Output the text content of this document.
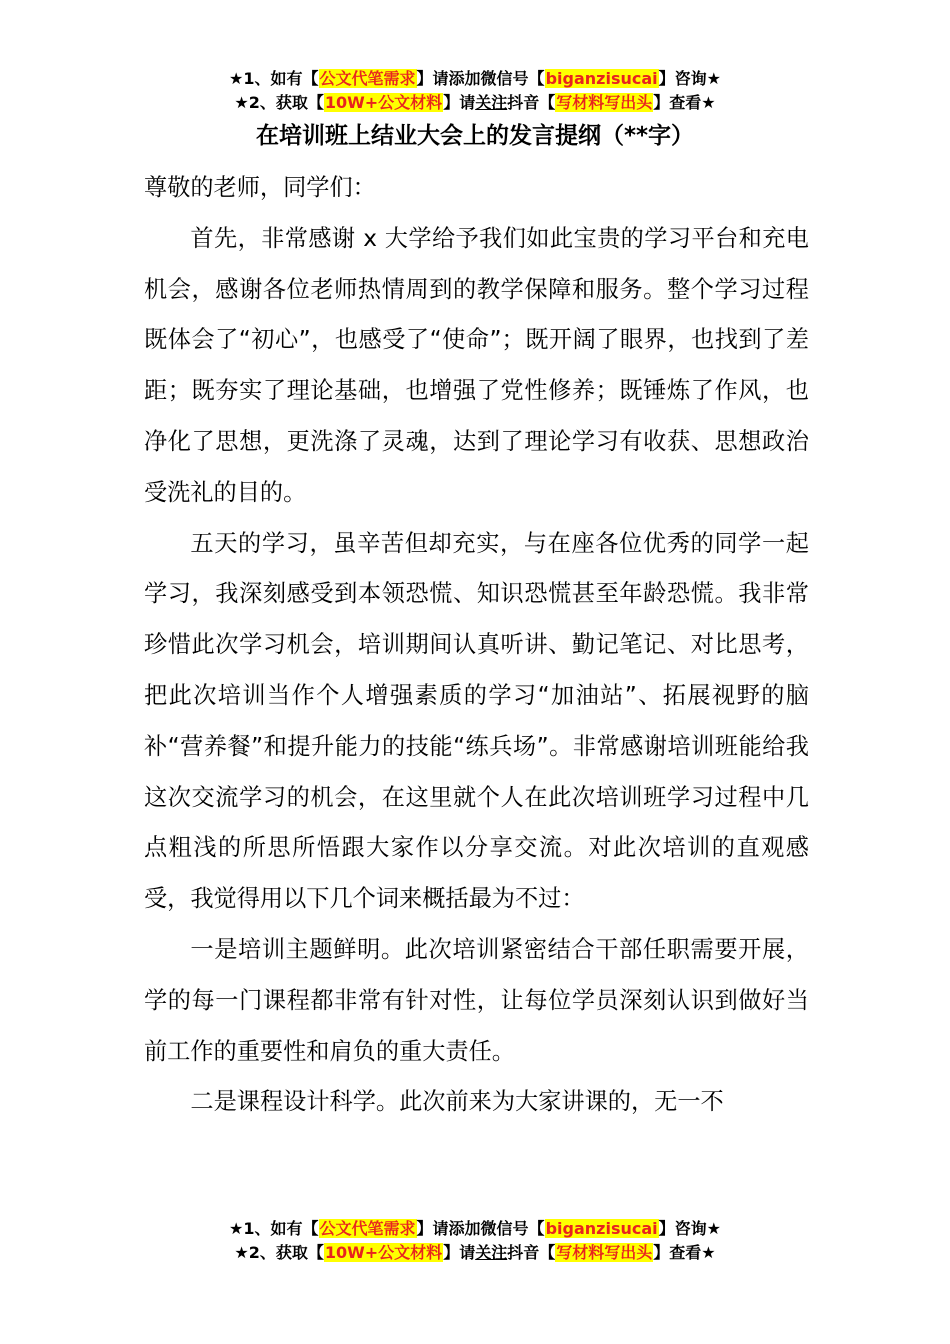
★1、如有【公文代笔需求】请添加微信号【biganzisucai】咨询★
★2、获取【10W+公文材料】请关注抖音【写材料写出头】查看★
在培训班上结业大会上的发言提纲（**字）

尊敬的老师，同学们：

首先，非常感谢 x 大学给予我们如此宝贵的学习平台和充电机会，感谢各位老师热情周到的教学保障和服务。整个学习过程既体会了“初心”，也感受了“使命”；既开阔了眼界，也找到了差距；既夯实了理论基础，也增强了党性修养；既锤炼了作风，也净化了思想，更洗涤了灵魂，达到了理论学习有收获、思想政治受洗礼的目的。

五天的学习，虽辛苦但却充实，与在座各位优秀的同学一起学习，我深刻感受到本领恐慌、知识恐慌甚至年龄恐慌。我非常珍惜此次学习机会，培训期间认真听讲、勤记笔记、对比思考，把此次培训当作个人增强素质的学习“加油站”、拓展视野的脑补“营养餐”和提升能力的技能“练兵场”。非常感谢培训班能给我这次交流学习的机会，在这里就个人在此次培训班学习过程中几点粗浅的所思所悟跟大家作以分享交流。对此次培训的直观感受，我觉得用以下几个词来概括最为不过：

一是培训主题鲜明。此次培训紧密结合干部任职需要开展，学的每一门课程都非常有针对性，让每位学员深刻认识到做好当前工作的重要性和肩负的重大责任。

二是课程设计科学。此次前来为大家讲课的，无一不

★1、如有【公文代笔需求】请添加微信号【biganzisucai】咨询★
★2、获取【10W+公文材料】请关注抖音【写材料写出头】查看★
